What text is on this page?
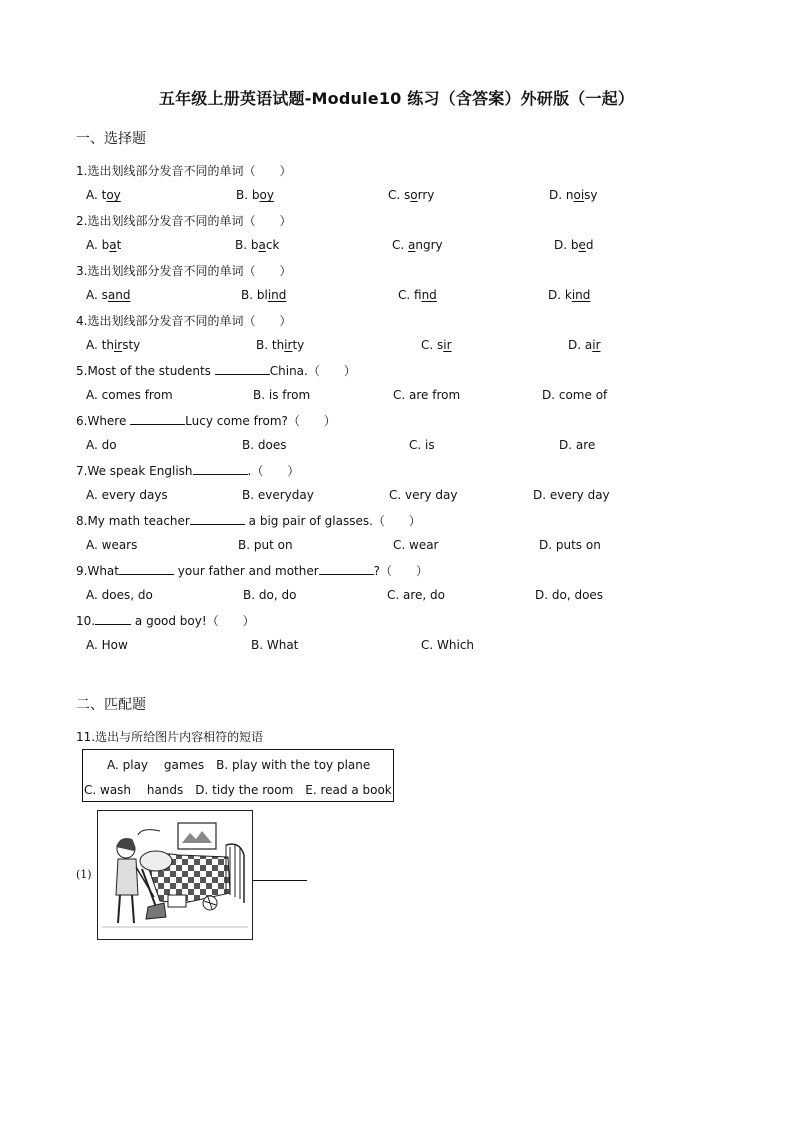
五年级上册英语试题-Module10 练习（含答案）外研版（一起）
一、选择题
1.选出划线部分发音不同的单词（　　）
A. toy	B. boy	C. sorry	D. noisy
2.选出划线部分发音不同的单词（　　）
A. bat	B. back	C. angry	D. bed
3.选出划线部分发音不同的单词（　　）
A. sand	B. blind	C. find	D. kind
4.选出划线部分发音不同的单词（　　）
A. thirsty	B. thirty	C. sir	D. air
5.Most of the students	China.（　　）
A. comes from	B. is from	C. are from	D. come of
6.Where	Lucy come from?（　　）
A. do	B. does	C. is	D. are
7.We speak English	.（　　）
A. every days	B. everyday	C. very day	D. every day
8.My math teacher	a big pair of glasses.（　　）
A. wears	B. put on	C. wear	D. puts on
9.What	your father and mother	?（　　）
A. does, do	B. do, do	C. are, do	D. do, does
10.	a good boy!（　　）
A. How	B. What	C. Which
二、匹配题
11.选出与所给图片内容相符的短语
A. play　 games　B. play with the toy plane
C. wash　 hands　D. tidy the room　E. read a book
(1)
